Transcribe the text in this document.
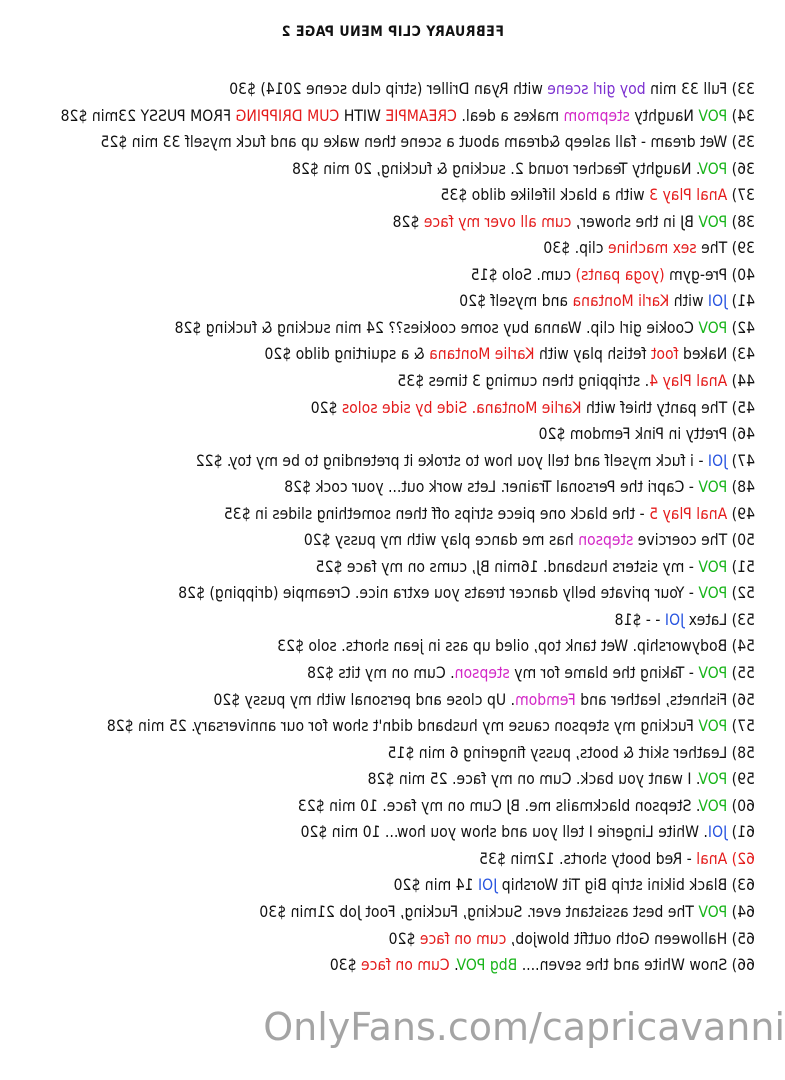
FEBRUARY CLIP MENU PAGE 2
33) Full 33 min boy girl scene with Ryan Driller (strip club scene 2014) $30
34) POV Naughty stepmom makes a deal. CREAMPIE WITH CUM DRIPPING FROM PUSSY 23min $28
35) Wet dream - fall asleep &dream about a scene then wake up and fuck myself 33 min $25
36) POV. Naughty Teacher round 2. sucking & fucking, 20 min $28
37) Anal Play 3 with a black lifelike dildo $35
38) POV BJ in the shower, cum all over my face $28
39) The sex machine clip. $30
40) Pre-gym (yoga pants) cum. Solo $15
41) JOI with Karli Montana and myself $20
42) POV Cookie girl clip. Wanna buy some cookies?? 24 min sucking & fucking $28
43) Naked foot fetish play with Karlie Montana & a squirting dildo $20
44) Anal Play 4. stripping then cuming 3 times $35
45) The panty thief with Karlie Montana. Side by side solos $20
46) Pretty in Pink Femdom $20
47) JOI - i fuck myself and tell you how to stroke it pretending to be my toy. $22
48) POV - Capri the Personal Trainer. Lets work out... your cock $28
49) Anal Play 5 - the black one piece strips off then something slides in $35
50) The coercive stepson has me dance play with my pussy $20
51) POV - my sisters husband. 16min BJ, cums on my face $25
52) POV - Your private belly dancer treats you extra nice. Creampie (dripping) $28
53) Latex JOI - - $18
54) Bodyworship. Wet tank top, oiled up ass in jean shorts. solo $23
55) POV - Taking the blame for my stepson. Cum on my tits $28
56) Fishnets, leather and Femdom. Up close and personal with my pussy $20
57) POV Fucking my stepson cause my husband didn't show for our anniversary. 25 min $28
58) Leather skirt & boots, pussy fingering 6 min $15
59) POV. I want you back. Cum on my face. 25 min $28
60) POV. Stepson blackmails me. BJ Cum on my face. 10 min $23
61) JOI. White Lingerie I tell you and show you how... 10 min $20
62) Anal - Red booty shorts. 12min $35
63) Black bikini strip Big Tit Worship JOI 14 min $20
64) POV The best assistant ever. Sucking, Fucking, Foot Job 21min $30
65) Halloween Goth outfit blowjob, cum on face $20
66) Snow White and the seven.... Bbg POV. Cum on face $30
OnlyFans.com/capricavanni
